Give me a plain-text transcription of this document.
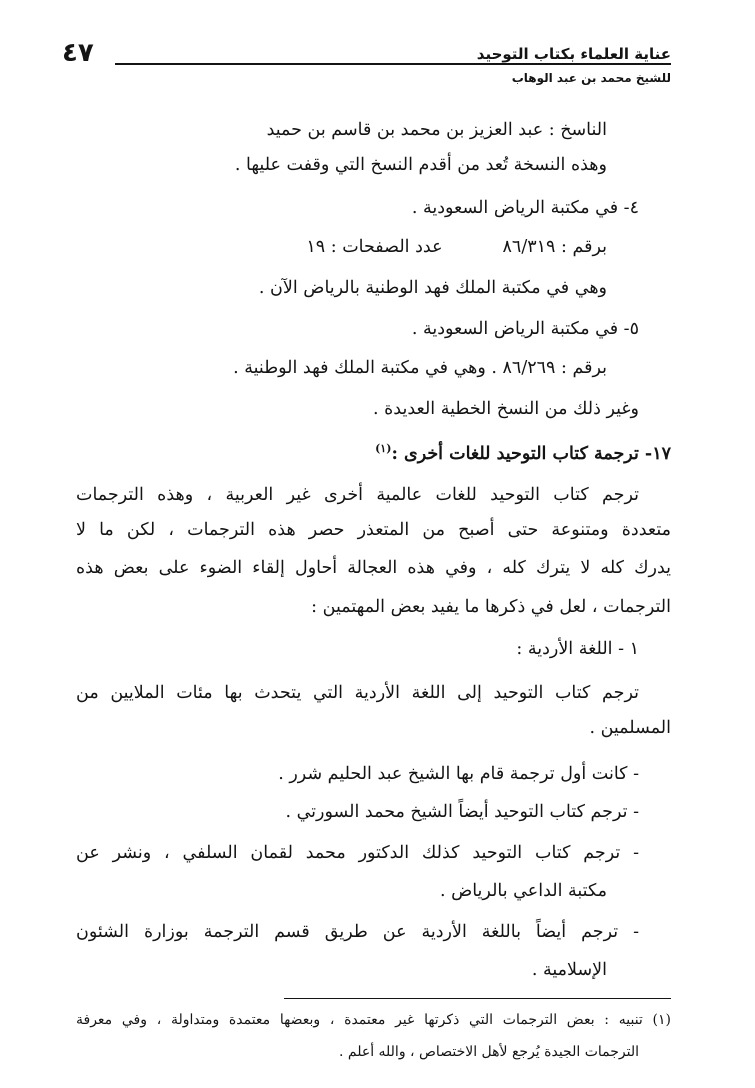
عناية العلماء بكتاب التوحيد
للشيخ محمد بن عبد الوهاب
٤٧
الناسخ : عبد العزيز بن محمد بن قاسم بن حميد
وهذه النسخة تُعد من أقدم النسخ التي وقفت عليها .
٤- في مكتبة الرياض السعودية .
برقم : ٨٦/٣١٩عدد الصفحات : ١٩
وهي في مكتبة الملك فهد الوطنية بالرياض الآن .
٥- في مكتبة الرياض السعودية .
برقم : ٨٦/٢٦٩ . وهي في مكتبة الملك فهد الوطنية .
وغير ذلك من النسخ الخطية العديدة .
١٧- ترجمة كتاب التوحيد للغات أخرى :$^{(١)}$
ترجم كتاب التوحيد للغات عالمية أخرى غير العربية ، وهذه الترجمات
متعددة ومتنوعة حتى أصبح من المتعذر حصر هذه الترجمات ، لكن ما لا
يدرك كله لا يترك كله ، وفي هذه العجالة أحاول إلقاء الضوء على بعض هذه
الترجمات ، لعل في ذكرها ما يفيد بعض المهتمين :
١ - اللغة الأردية :
ترجم كتاب التوحيد إلى اللغة الأردية التي يتحدث بها مئات الملايين من
المسلمين .
- كانت أول ترجمة قام بها الشيخ عبد الحليم شرر .
- ترجم كتاب التوحيد أيضاً الشيخ محمد السورتي .
- ترجم كتاب التوحيد كذلك الدكتور محمد لقمان السلفي ، ونشر عن
مكتبة الداعي بالرياض .
- ترجم أيضاً باللغة الأردية عن طريق قسم الترجمة بوزارة الشئون
الإسلامية .
(١) تنبيه : بعض الترجمات التي ذكرتها غير معتمدة ، وبعضها معتمدة ومتداولة ، وفي معرفة
الترجمات الجيدة يُرجع لأهل الاختصاص ، والله أعلم .
